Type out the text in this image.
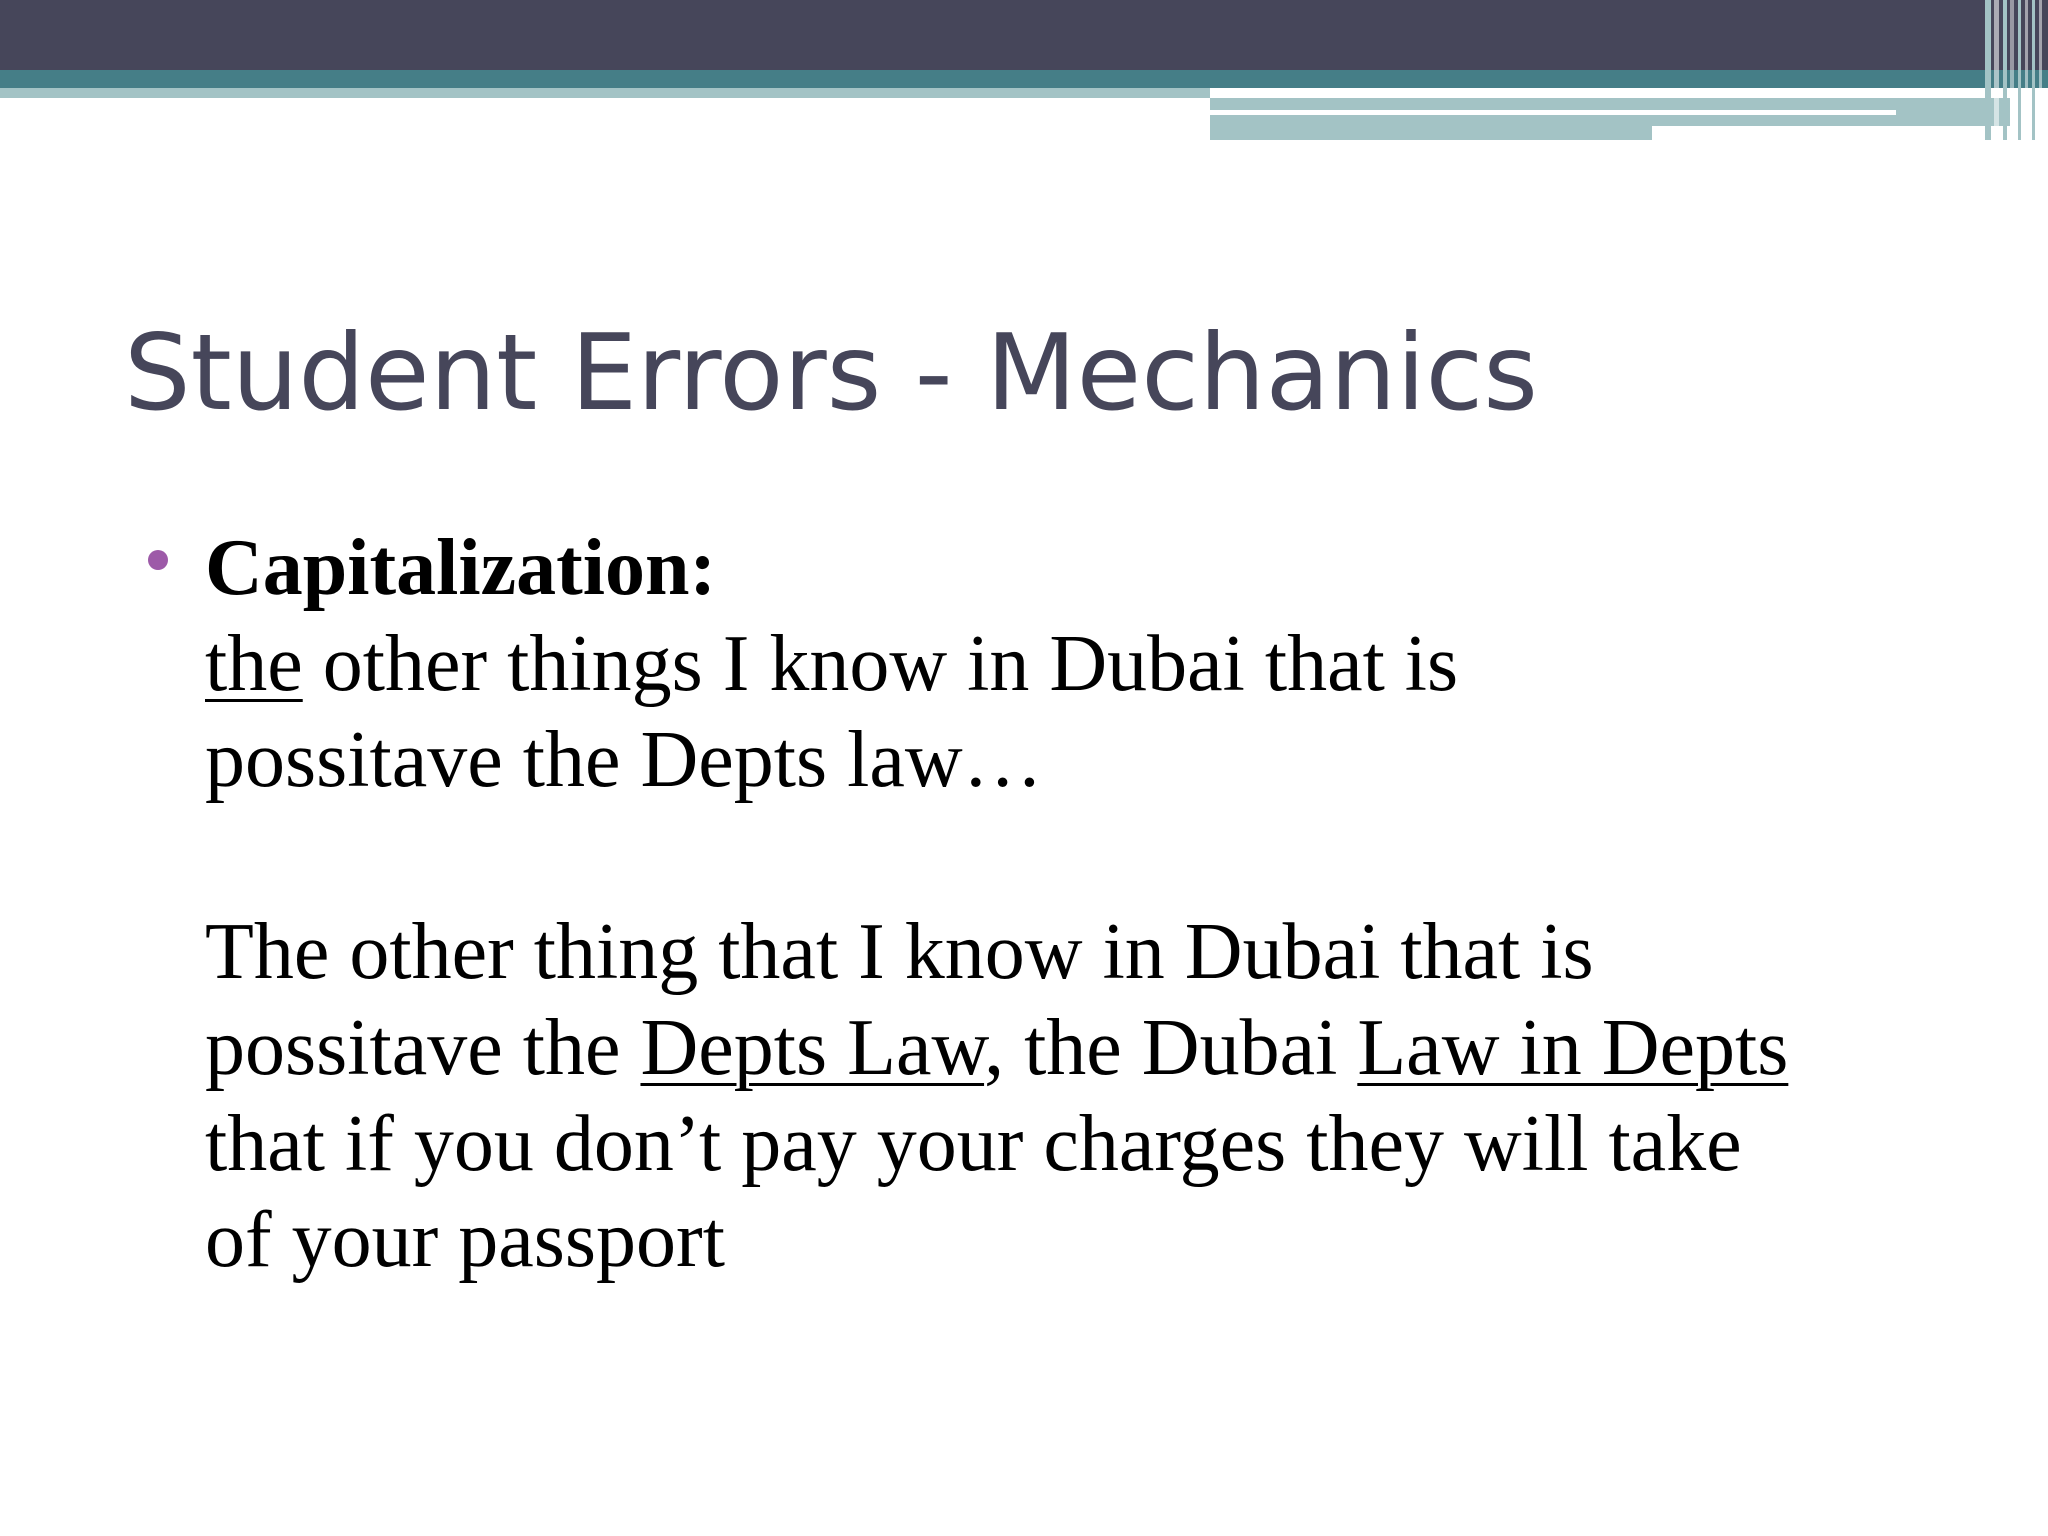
Student Errors - Mechanics
Capitalization:

the other things I know in Dubai that is
possitave the Depts law…

The other thing that I know in Dubai that is
possitave the Depts Law, the Dubai Law in Depts
that if you don’t pay your charges they will take
of your passport
